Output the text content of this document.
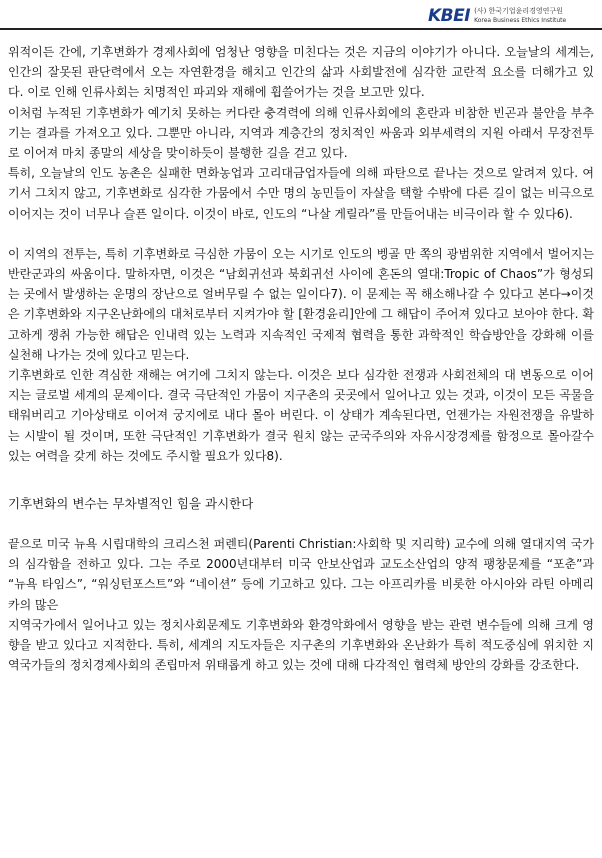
KBEI (사) 한국기업윤리경영연구원
Korea Business Ethics Institute

위적이든 간에, 기후변화가 경제사회에 엄청난 영향을 미친다는 것은 지금의 이야기가 아니다. 오늘날의 세계는, 인간의 잘못된 판단력에서 오는 자연환경을 해치고 인간의 삶과 사회발전에 심각한 교란적 요소를 더해가고 있다. 이로 인해 인류사회는 치명적인 파괴와 재해에 휩쓸어가는 것을 보고만 있다.

이처럼 누적된 기후변화가 예기치 못하는 커다란 충격력에 의해 인류사회에의 혼란과 비참한 빈곤과 불안을 부추기는 결과를 가져오고 있다. 그뿐만 아니라, 지역과 계층간의 정치적인 싸움과 외부세력의 지원 아래서 무장전투로 이어져 마치 종말의 세상을 맞이하듯이 불행한 길을 걷고 있다.

특히, 오늘날의 인도 농촌은 실패한 면화농업과 고리대금업자들에 의해 파탄으로 끝나는 것으로 알려져 있다. 여기서 그치지 않고, 기후변화로 심각한 가뭄에서 수만 명의 농민들이 자살을 택할 수밖에 다른 길이 없는 비극으로 이어지는 것이 너무나 슬픈 일이다. 이것이 바로, 인도의 “나살 게릴라”를 만들어내는 비극이라 할 수 있다6).

이 지역의 전투는, 특히 기후변화로 극심한 가뭄이 오는 시기로 인도의 벵골 만 쪽의 광범위한 지역에서 벌어지는 반란군과의 싸움이다. 말하자면, 이것은 “남회귀선과 북회귀선 사이에 혼돈의 열대:Tropic of Chaos”가 형성되는 곳에서 발생하는 운명의 장난으로 얼버무릴 수 없는 일이다7). 이 문제는 꼭 해소해나갈 수 있다고 본다→이것은 기후변화와 지구온난화에의 대처로부터 지켜가야 할 [환경윤리]안에 그 해답이 주어져 있다고 보아야 한다. 확고하게 쟁취 가능한 해답은 인내력 있는 노력과 지속적인 국제적 협력을 통한 과학적인 학습방안을 강화해 이를 실천해 나가는 것에 있다고 믿는다.

기후변화로 인한 격심한 재해는 여기에 그치지 않는다. 이것은 보다 심각한 전쟁과 사회전체의 대 변동으로 이어지는 글로벌 세계의 문제이다. 결국 극단적인 가뭄이 지구촌의 곳곳에서 일어나고 있는 것과, 이것이 모든 곡물을 태워버리고 기아상태로 이어져 궁지에로 내다 몰아 버린다. 이 상태가 계속된다면, 언젠가는 자원전쟁을 유발하는 시발이 될 것이며, 또한 극단적인 기후변화가 결국 원치 않는 군국주의와 자유시장경제를 함정으로 몰아갈수 있는 여력을 갖게 하는 것에도 주시할 필요가 있다8).

기후변화의 변수는 무차별적인 힘을 과시한다

끝으로 미국 뉴욕 시립대학의 크리스천 퍼렌티(Parenti Christian:사회학 및 지리학) 교수에 의해 열대지역 국가의 심각함을 전하고 있다. 그는 주로 2000년대부터 미국 안보산업과 교도소산업의 양적 팽창문제를 “포춘”과 “뉴욕 타임스”, “워싱턴포스트”와 “네이션” 등에 기고하고 있다. 그는 아프리카를 비롯한 아시아와 라틴 아메리카의 많은

지역국가에서 일어나고 있는 정치사회문제도 기후변화와 환경악화에서 영향을 받는 관련 변수들에 의해 크게 영향을 받고 있다고 지적한다. 특히, 세계의 지도자들은 지구촌의 기후변화와 온난화가 특히 적도중심에 위치한 지역국가들의 정치경제사회의 존립마저 위태롭게 하고 있는 것에 대해 다각적인 협력체 방안의 강화를 강조한다.
